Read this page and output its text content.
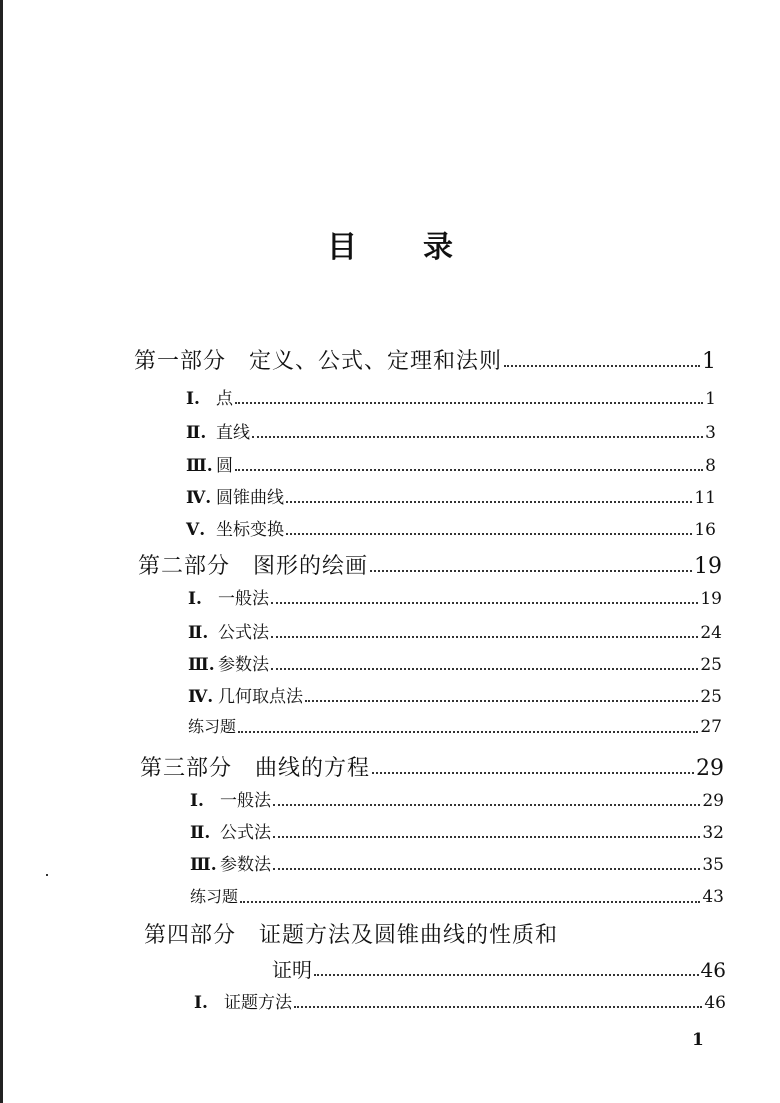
目 录
第一部分　定义、公式、定理和法则	1
Ⅰ. 点	1
Ⅱ. 直线	3
Ⅲ. 圆	8
Ⅳ. 圆锥曲线	11
Ⅴ. 坐标变换	16
第二部分　图形的绘画	19
Ⅰ. 一般法	19
Ⅱ. 公式法	24
Ⅲ. 参数法	25
Ⅳ. 几何取点法	25
练习题	27
第三部分　曲线的方程	29
Ⅰ. 一般法	29
Ⅱ. 公式法	32
Ⅲ. 参数法	35
练习题	43
第四部分　证题方法及圆锥曲线的性质和
证明	46
Ⅰ. 证题方法	46
1
